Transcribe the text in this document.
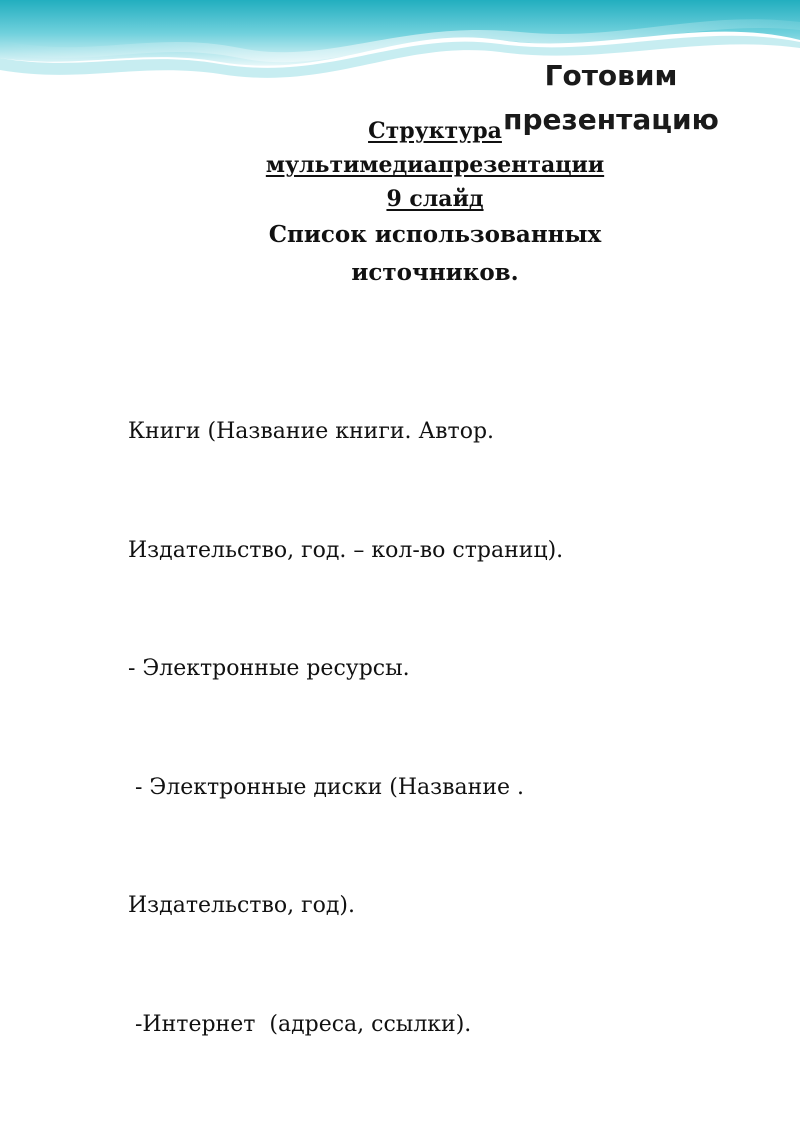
Готовим
презентацию
Структура
мультимедиапрезентации
9 слайд
Список использованных
источников.

Книги (Название книги. Автор.

Издательство, год. – кол-во страниц).

- Электронные ресурсы.

- Электронные диски (Название .

Издательство, год).

-Интернет  (адреса, ссылки).
